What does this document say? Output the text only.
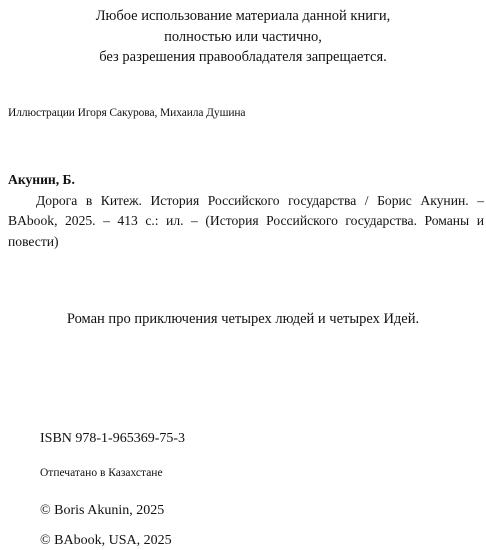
Любое использование материала данной книги,
полностью или частично,
без разрешения правообладателя запрещается.
Иллюстрации Игоря Сакурова, Михаила Душина
Акунин, Б.
Дорога в Китеж. История Российского государства / Борис Акунин. – BAbook, 2025. – 413 с.: ил. – (История Российского государства. Романы и повести)
Роман про приключения четырех людей и четырех Идей.
ISBN 978-1-965369-75-3
Отпечатано в Казахстане
© Boris Akunin, 2025
© BAbook, USA, 2025
